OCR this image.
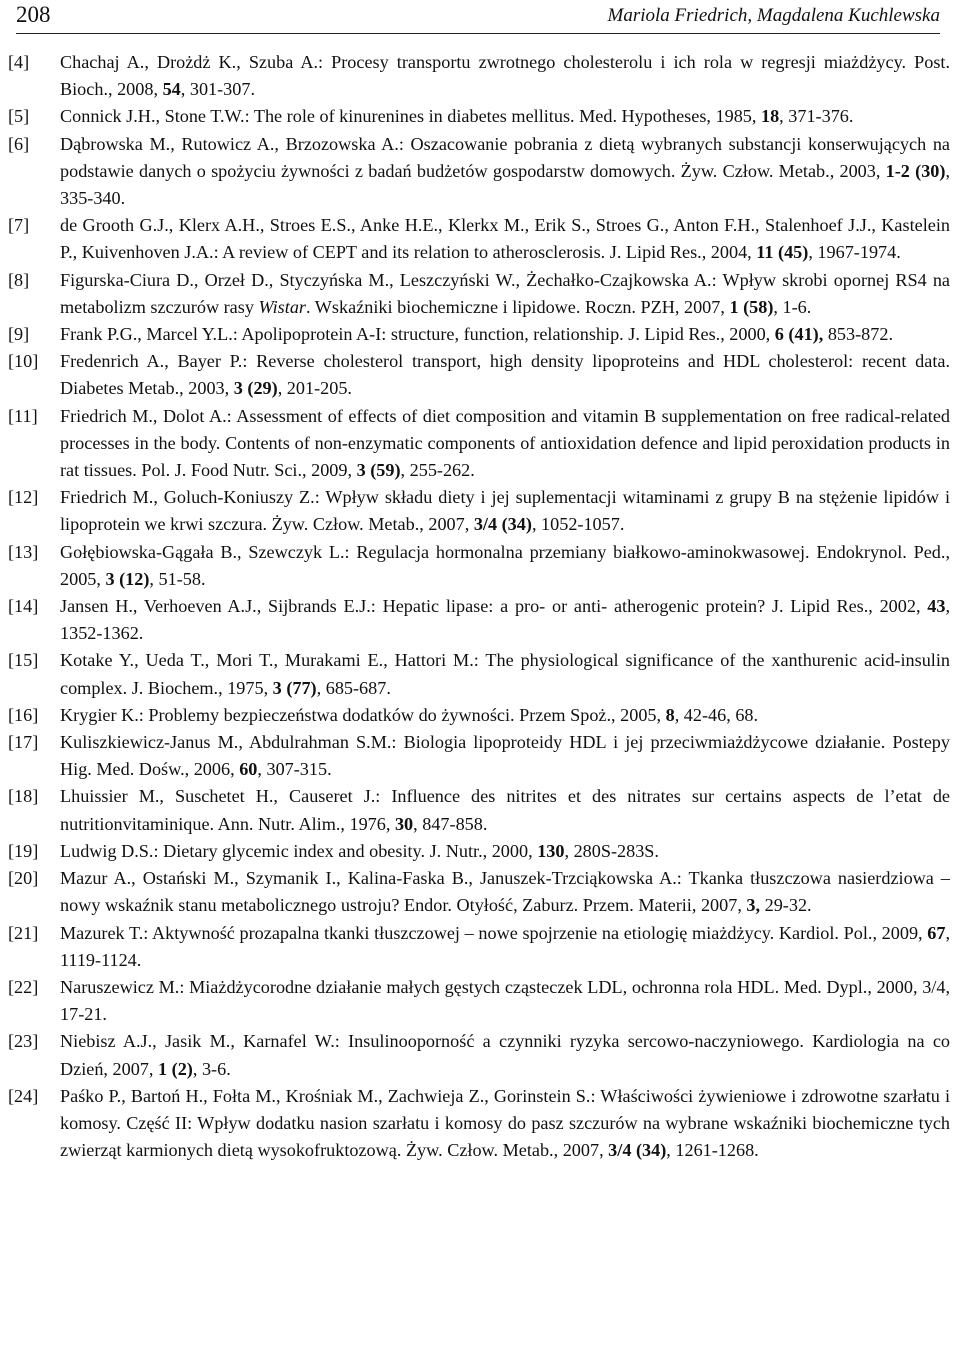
208	Mariola Friedrich, Magdalena Kuchlewska
[4] Chachaj A., Drożdż K., Szuba A.: Procesy transportu zwrotnego cholesterolu i ich rola w regresji miażdżycy. Post. Bioch., 2008, 54, 301-307.
[5] Connick J.H., Stone T.W.: The role of kinurenines in diabetes mellitus. Med. Hypotheses, 1985, 18, 371-376.
[6] Dąbrowska M., Rutowicz A., Brzozowska A.: Oszacowanie pobrania z dietą wybranych substancji konserwujących na podstawie danych o spożyciu żywności z badań budżetów gospodarstw domowych. Żyw. Człow. Metab., 2003, 1-2 (30), 335-340.
[7] de Grooth G.J., Klerx A.H., Stroes E.S., Anke H.E., Klerkx M., Erik S., Stroes G., Anton F.H., Stalenhoef J.J., Kastelein P., Kuivenhoven J.A.: A review of CEPT and its relation to atherosclerosis. J. Lipid Res., 2004, 11 (45), 1967-1974.
[8] Figurska-Ciura D., Orzeł D., Styczyńska M., Leszczyński W., Żechałko-Czajkowska A.: Wpływ skrobi opornej RS4 na metabolizm szczurów rasy Wistar. Wskaźniki biochemiczne i lipidowe. Roczn. PZH, 2007, 1 (58), 1-6.
[9] Frank P.G., Marcel Y.L.: Apolipoprotein A-I: structure, function, relationship. J. Lipid Res., 2000, 6 (41), 853-872.
[10] Fredenrich A., Bayer P.: Reverse cholesterol transport, high density lipoproteins and HDL cholesterol: recent data. Diabetes Metab., 2003, 3 (29), 201-205.
[11] Friedrich M., Dolot A.: Assessment of effects of diet composition and vitamin B supplementation on free radical-related processes in the body. Contents of non-enzymatic components of antioxidation defence and lipid peroxidation products in rat tissues. Pol. J. Food Nutr. Sci., 2009, 3 (59), 255-262.
[12] Friedrich M., Goluch-Koniuszy Z.: Wpływ składu diety i jej suplementacji witaminami z grupy B na stężenie lipidów i lipoprotein we krwi szczura. Żyw. Człow. Metab., 2007, 3/4 (34), 1052-1057.
[13] Gołębiowska-Gągała B., Szewczyk L.: Regulacja hormonalna przemiany białkowo-aminokwasowej. Endokrynol. Ped., 2005, 3 (12), 51-58.
[14] Jansen H., Verhoeven A.J., Sijbrands E.J.: Hepatic lipase: a pro- or anti- atherogenic protein? J. Lipid Res., 2002, 43, 1352-1362.
[15] Kotake Y., Ueda T., Mori T., Murakami E., Hattori M.: The physiological significance of the xanthurenic acid-insulin complex. J. Biochem., 1975, 3 (77), 685-687.
[16] Krygier K.: Problemy bezpieczeństwa dodatków do żywności. Przem Spoż., 2005, 8, 42-46, 68.
[17] Kuliszkiewicz-Janus M., Abdulrahman S.M.: Biologia lipoproteidy HDL i jej przeciwmiażdżycowe działanie. Postepy Hig. Med. Dośw., 2006, 60, 307-315.
[18] Lhuissier M., Suschetet H., Causeret J.: Influence des nitrites et des nitrates sur certains aspects de l’etat de nutritionvitaminique. Ann. Nutr. Alim., 1976, 30, 847-858.
[19] Ludwig D.S.: Dietary glycemic index and obesity. J. Nutr., 2000, 130, 280S-283S.
[20] Mazur A., Ostański M., Szymanik I., Kalina-Faska B., Januszek-Trzciąkowska A.: Tkanka tłuszczowa nasierdziowa – nowy wskaźnik stanu metabolicznego ustroju? Endor. Otyłość, Zaburz. Przem. Materii, 2007, 3, 29-32.
[21] Mazurek T.: Aktywność prozapalna tkanki tłuszczowej – nowe spojrzenie na etiologię miażdżycy. Kardiol. Pol., 2009, 67, 1119-1124.
[22] Naruszewicz M.: Miażdżycorodne działanie małych gęstych cząsteczek LDL, ochronna rola HDL. Med. Dypl., 2000, 3/4, 17-21.
[23] Niebisz A.J., Jasik M., Karnafel W.: Insulinooporność a czynniki ryzyka sercowo-naczyniowego. Kardiologia na co Dzień, 2007, 1 (2), 3-6.
[24] Paśko P., Bartoń H., Fołta M., Krośniak M., Zachwieja Z., Gorinstein S.: Właściwości żywieniowe i zdrowotne szarłatu i komosy. Część II: Wpływ dodatku nasion szarłatu i komosy do pasz szczurów na wybrane wskaźniki biochemiczne tych zwierząt karmionych dietą wysokofruktozową. Żyw. Człow. Metab., 2007, 3/4 (34), 1261-1268.
